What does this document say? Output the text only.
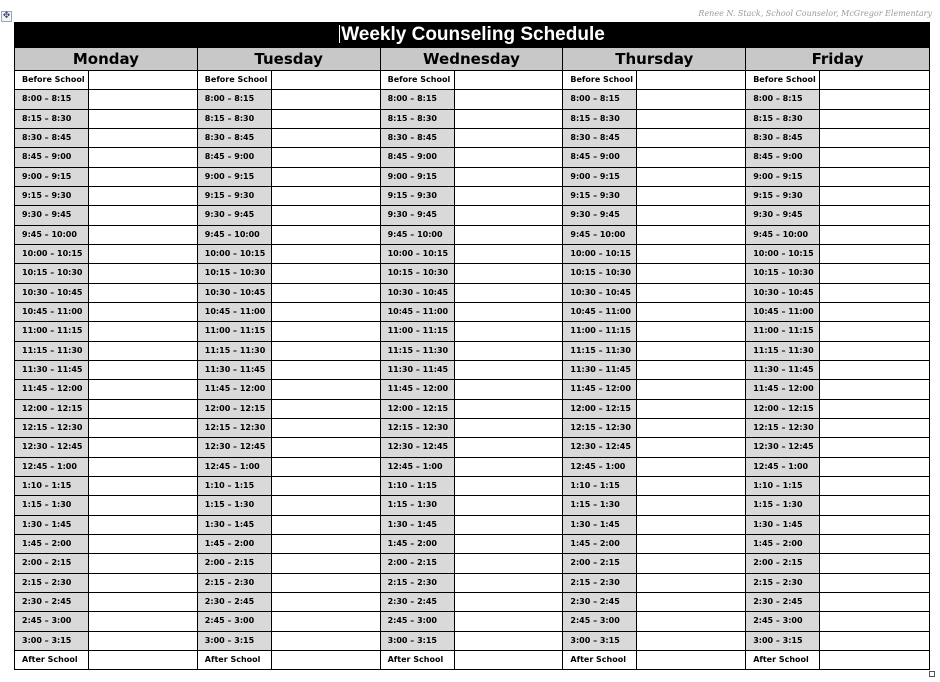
✥	Renee N. Stack, School Counselor, McGregor Elementary
Weekly Counseling Schedule
Monday
Before School
8:00 – 8:15
8:15 – 8:30
8:30 – 8:45
8:45 – 9:00
9:00 – 9:15
9:15 – 9:30
9:30 – 9:45
9:45 – 10:00
10:00 – 10:15
10:15 – 10:30
10:30 – 10:45
10:45 – 11:00
11:00 – 11:15
11:15 – 11:30
11:30 – 11:45
11:45 – 12:00
12:00 – 12:15
12:15 – 12:30
12:30 – 12:45
12:45 – 1:00
1:10 – 1:15
1:15 – 1:30
1:30 – 1:45
1:45 – 2:00
2:00 – 2:15
2:15 – 2:30
2:30 – 2:45
2:45 – 3:00
3:00 – 3:15
After School
Tuesday
Before School
8:00 – 8:15
8:15 – 8:30
8:30 – 8:45
8:45 – 9:00
9:00 – 9:15
9:15 – 9:30
9:30 – 9:45
9:45 – 10:00
10:00 – 10:15
10:15 – 10:30
10:30 – 10:45
10:45 – 11:00
11:00 – 11:15
11:15 – 11:30
11:30 – 11:45
11:45 – 12:00
12:00 – 12:15
12:15 – 12:30
12:30 – 12:45
12:45 – 1:00
1:10 – 1:15
1:15 – 1:30
1:30 – 1:45
1:45 – 2:00
2:00 – 2:15
2:15 – 2:30
2:30 – 2:45
2:45 – 3:00
3:00 – 3:15
After School
Wednesday
Before School
8:00 – 8:15
8:15 – 8:30
8:30 – 8:45
8:45 – 9:00
9:00 – 9:15
9:15 – 9:30
9:30 – 9:45
9:45 – 10:00
10:00 – 10:15
10:15 – 10:30
10:30 – 10:45
10:45 – 11:00
11:00 – 11:15
11:15 – 11:30
11:30 – 11:45
11:45 – 12:00
12:00 – 12:15
12:15 – 12:30
12:30 – 12:45
12:45 – 1:00
1:10 – 1:15
1:15 – 1:30
1:30 – 1:45
1:45 – 2:00
2:00 – 2:15
2:15 – 2:30
2:30 – 2:45
2:45 – 3:00
3:00 – 3:15
After School
Thursday
Before School
8:00 – 8:15
8:15 – 8:30
8:30 – 8:45
8:45 – 9:00
9:00 – 9:15
9:15 – 9:30
9:30 – 9:45
9:45 – 10:00
10:00 – 10:15
10:15 – 10:30
10:30 – 10:45
10:45 – 11:00
11:00 – 11:15
11:15 – 11:30
11:30 – 11:45
11:45 – 12:00
12:00 – 12:15
12:15 – 12:30
12:30 – 12:45
12:45 – 1:00
1:10 – 1:15
1:15 – 1:30
1:30 – 1:45
1:45 – 2:00
2:00 – 2:15
2:15 – 2:30
2:30 – 2:45
2:45 – 3:00
3:00 – 3:15
After School
Friday
Before School
8:00 – 8:15
8:15 – 8:30
8:30 – 8:45
8:45 – 9:00
9:00 – 9:15
9:15 – 9:30
9:30 – 9:45
9:45 – 10:00
10:00 – 10:15
10:15 – 10:30
10:30 – 10:45
10:45 – 11:00
11:00 – 11:15
11:15 – 11:30
11:30 – 11:45
11:45 – 12:00
12:00 – 12:15
12:15 – 12:30
12:30 – 12:45
12:45 – 1:00
1:10 – 1:15
1:15 – 1:30
1:30 – 1:45
1:45 – 2:00
2:00 – 2:15
2:15 – 2:30
2:30 – 2:45
2:45 – 3:00
3:00 – 3:15
After School
